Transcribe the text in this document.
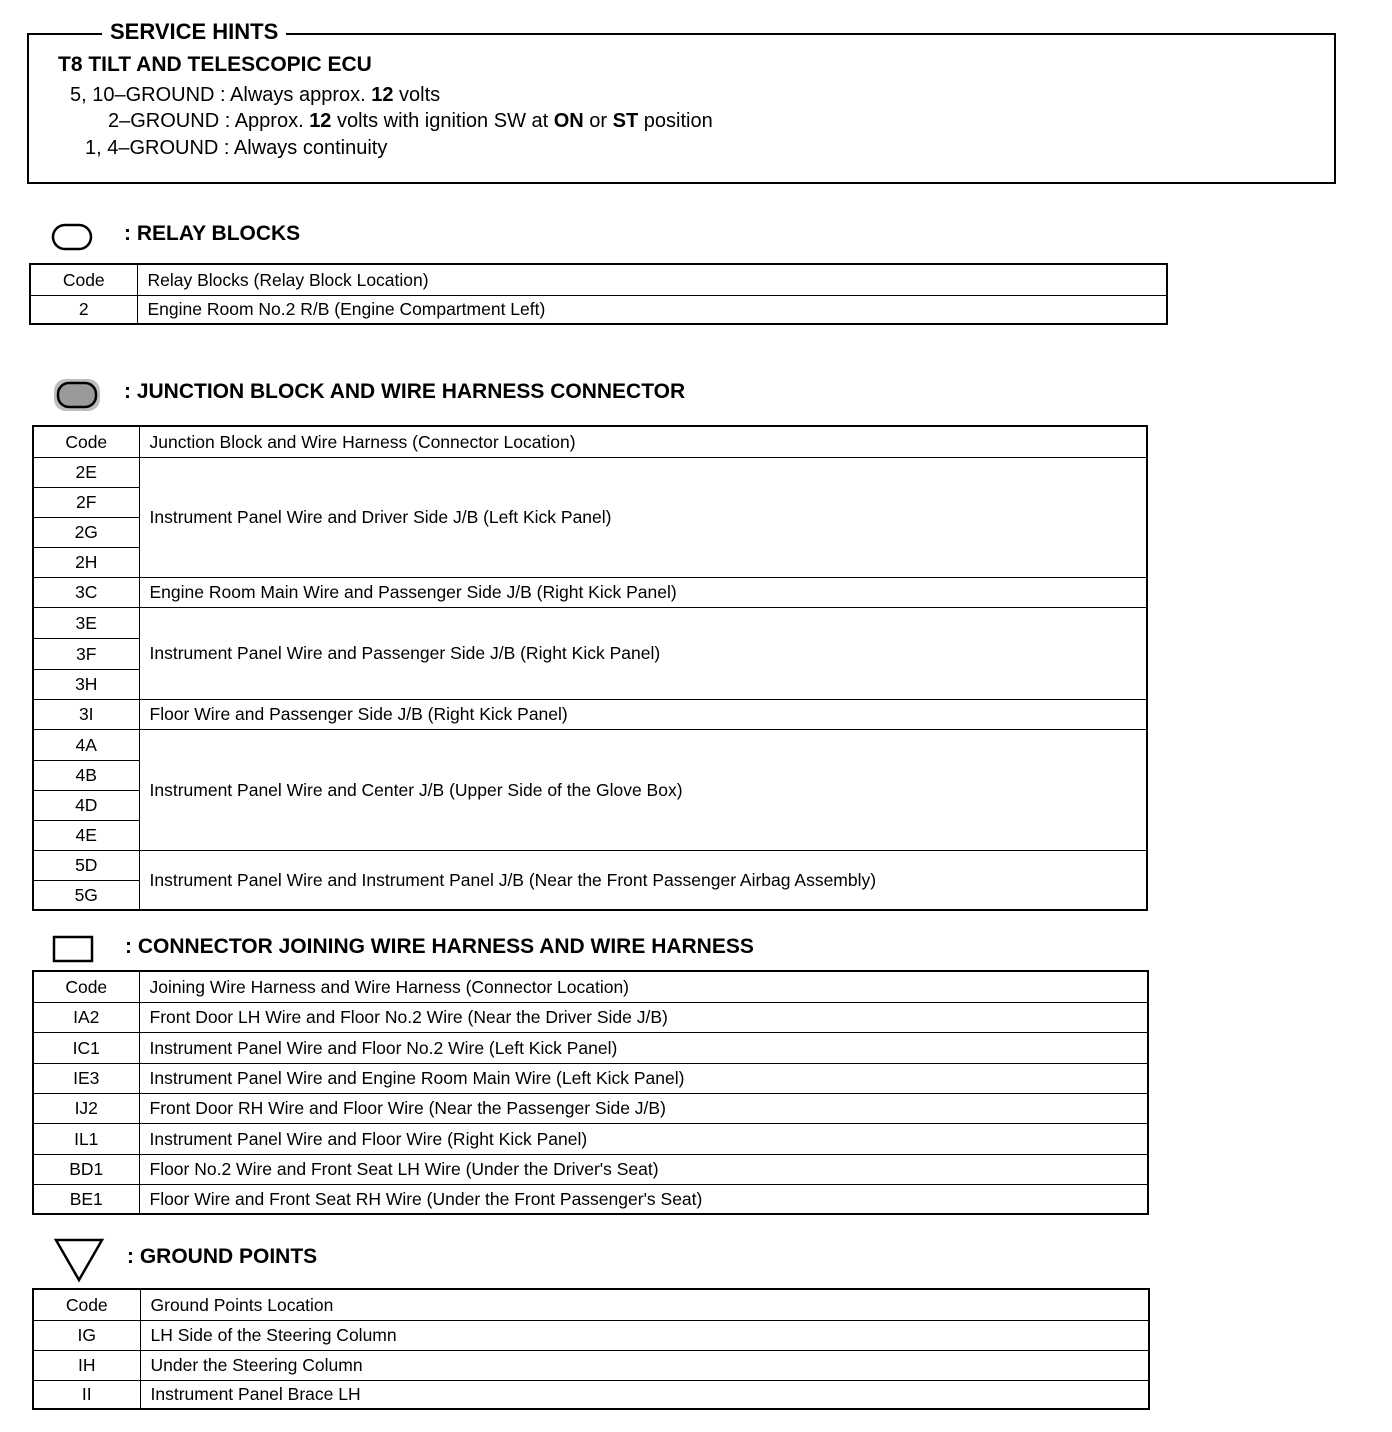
SERVICE HINTS
T8 TILT AND TELESCOPIC ECU
5, 10–GROUND : Always approx. 12 volts
2–GROUND : Approx. 12 volts with ignition SW at ON or ST position
1, 4–GROUND : Always continuity
: RELAY BLOCKS
Code	Relay Blocks (Relay Block Location)
2	Engine Room No.2 R/B (Engine Compartment Left)
: JUNCTION BLOCK AND WIRE HARNESS CONNECTOR
Code	Junction Block and Wire Harness (Connector Location)
2E	Instrument Panel Wire and Driver Side J/B (Left Kick Panel)
2F	
2G	
2H	
3C	Engine Room Main Wire and Passenger Side J/B (Right Kick Panel)
3E	Instrument Panel Wire and Passenger Side J/B (Right Kick Panel)
3F	
3H	
3I	Floor Wire and Passenger Side J/B (Right Kick Panel)
4A	Instrument Panel Wire and Center J/B (Upper Side of the Glove Box)
4B	
4D	
4E	
5D	Instrument Panel Wire and Instrument Panel J/B (Near the Front Passenger Airbag Assembly)
5G	
: CONNECTOR JOINING WIRE HARNESS AND WIRE HARNESS
Code	Joining Wire Harness and Wire Harness (Connector Location)
IA2	Front Door LH Wire and Floor No.2 Wire (Near the Driver Side J/B)
IC1	Instrument Panel Wire and Floor No.2 Wire (Left Kick Panel)
IE3	Instrument Panel Wire and Engine Room Main Wire (Left Kick Panel)
IJ2	Front Door RH Wire and Floor Wire (Near the Passenger Side J/B)
IL1	Instrument Panel Wire and Floor Wire (Right Kick Panel)
BD1	Floor No.2 Wire and Front Seat LH Wire (Under the Driver's Seat)
BE1	Floor Wire and Front Seat RH Wire (Under the Front Passenger's Seat)
: GROUND POINTS
Code	Ground Points Location
IG	LH Side of the Steering Column
IH	Under the Steering Column
II	Instrument Panel Brace LH
